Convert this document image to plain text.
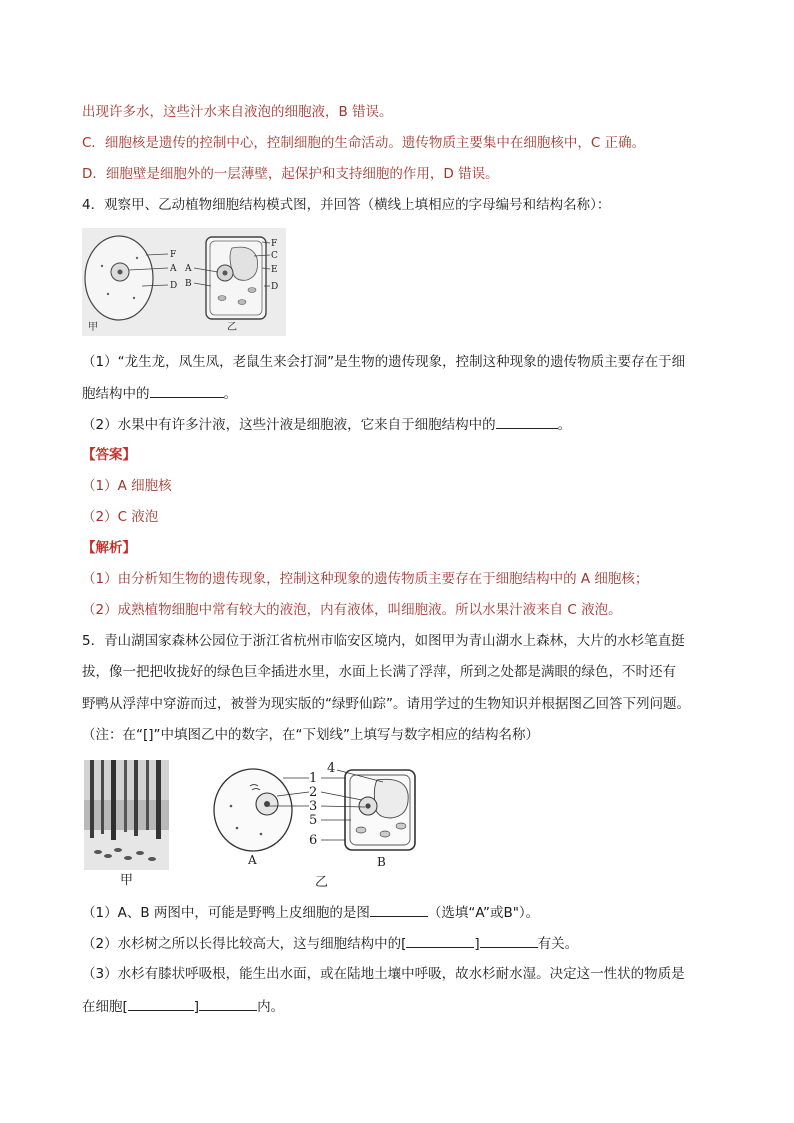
出现许多水，这些汁水来自液泡的细胞液，B 错误。
C．细胞核是遗传的控制中心，控制细胞的生命活动。遗传物质主要集中在细胞核中，C 正确。
D．细胞壁是细胞外的一层薄壁，起保护和支持细胞的作用，D 错误。
4．观察甲、乙动植物细胞结构模式图，并回答（横线上填相应的字母编号和结构名称）：
F
A
D
甲
F
C
E
D
A
B
乙
（1）“龙生龙，凤生凤，老鼠生来会打洞”是生物的遗传现象，控制这种现象的遗传物质主要存在于细
胞结构中的	。
（2）水果中有许多汁液，这些汁液是细胞液，它来自于细胞结构中的	。
【答案】
（1）A 细胞核
（2）C 液泡
【解析】
（1）由分析知生物的遗传现象，控制这种现象的遗传物质主要存在于细胞结构中的 A 细胞核；
（2）成熟植物细胞中常有较大的液泡，内有液体，叫细胞液。所以水果汁液来自 C 液泡。
5．青山湖国家森林公园位于浙江省杭州市临安区境内，如图甲为青山湖水上森林，大片的水杉笔直挺
拔，像一把把收拢好的绿色巨伞插进水里，水面上长满了浮萍，所到之处都是满眼的绿色，不时还有
野鸭从浮萍中穿游而过，被誉为现实版的“绿野仙踪”。请用学过的生物知识并根据图乙回答下列问题。
（注：在“[]”中填图乙中的数字，在“下划线”上填写与数字相应的结构名称）
甲
1
2
3
4
5
6
A	B
乙
（1）A、B 两图中，可能是野鸭上皮细胞的是图	（选填“A”或B"）。
（2）水杉树之所以长得比较高大，这与细胞结构中的[	]	有关。
（3）水杉有膝状呼吸根，能生出水面，或在陆地土壤中呼吸，故水杉耐水湿。决定这一性状的物质是
在细胞[	]	内。
